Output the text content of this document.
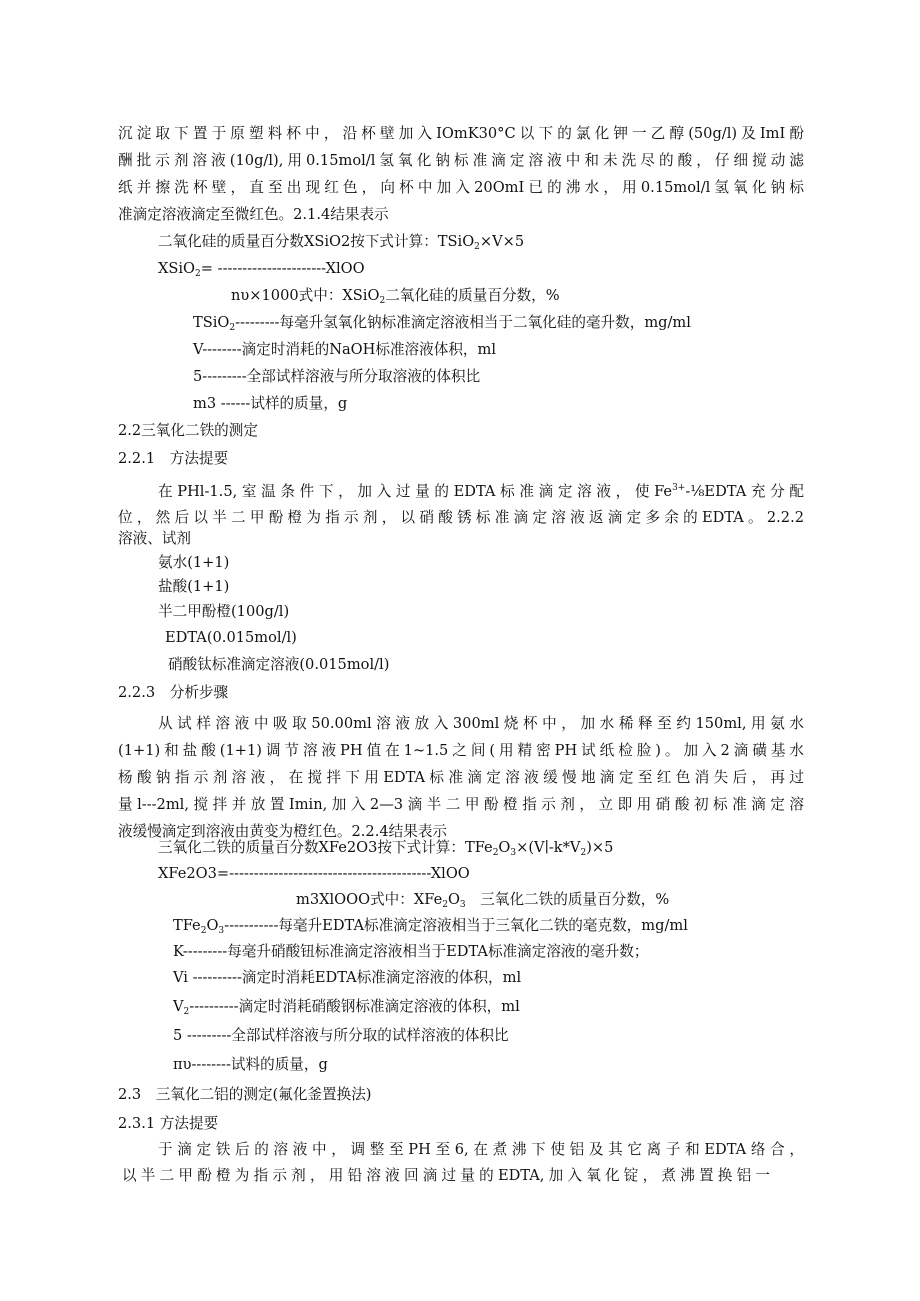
沉淀取下置于原塑料杯中，沿杯壁加入IOmK30°C以下的氯化钾一乙醇(50g/l)及ImI酚

酬批示剂溶液(10g/l),用0.15mol/l氢氧化钠标准滴定溶液中和未洗尽的酸，仔细搅动滤

纸并擦洗杯壁，直至出现红色，向杯中加入20OmI已的沸水，用0.15mol/l氢氧化钠标

准滴定溶液滴定至微红色。2.1.4结果表示

二氧化硅的质量百分数XSiO2按下式计算：TSiO$_2$×V×5

XSiO$_2$= ----------------------XlOO

nυ×1000式中：XSiO$_2$二氧化硅的质量百分数，%

TSiO$_2$---------每毫升氢氧化钠标准滴定溶液相当于二氧化硅的毫升数，mg/ml

V--------滴定时消耗的NaOH标准溶液体积，ml

5---------全部试样溶液与所分取溶液的体积比

m3 ------试样的质量，g

2.2三氧化二铁的测定

2.2.1　方法提要

在PHl-1.5,室温条件下，加入过量的EDTA标准滴定溶液，使$Fe^{3+}$-⅛EDTA充分配

位，然后以半二甲酚橙为指示剂，以硝酸锈标准滴定溶液返滴定多余的EDTA。2.2.2

溶液、试剂

氨水(1+1)

盐酸(1+1)

半二甲酚橙(100g/l)

EDTA(0.015mol/l)

硝酸钛标准滴定溶液(0.015mol/l)

2.2.3　分析步骤

从试样溶液中吸取50.00ml溶液放入300ml烧杯中，加水稀释至约150ml,用氨水

(1+1)和盐酸(1+1)调节溶液PH值在1~1.5之间(用精密PH试纸检脸)。加入2滴磺基水

杨酸钠指示剂溶液，在搅拌下用EDTA标准滴定溶液缓慢地滴定至红色消失后，再过

量l---2ml,搅拌并放置Imin,加入2—3滴半二甲酚橙指示剂，立即用硝酸初标准滴定溶

液缓慢滴定到溶液由黄变为橙红色。2.2.4结果表示

三氧化二铁的质量百分数XFe2O3按下式计算：$TFe_2O_3\times(V∣-k*V_2)\times 5$

XFe2O3=-----------------------------------------XlOO

m3XlOOO式中：$XFe_2O_3$　三氧化二铁的质量百分数，%

$TFe_2O_3-----------$每毫升EDTA标准滴定溶液相当于三氧化二铁的毫克数，mg/ml

K---------每毫升硝酸钮标准滴定溶液相当于EDTA标准滴定溶液的毫升数；

Vi ----------滴定时消耗EDTA标准滴定溶液的体积，ml

$V_2----------$滴定时消耗硝酸钢标准滴定溶液的体积，ml

5 ---------全部试样溶液与所分取的试样溶液的体积比

πυ--------试料的质量，g

2.3　三氧化二铝的测定(氟化釜置换法)

2.3.1 方法提要

于滴定铁后的溶液中，调整至PH至6,在煮沸下使铝及其它离子和EDTA络合，

以半二甲酚橙为指示剂，用铅溶液回滴过量的EDTA,加入氧化锭，煮沸置换铝一
